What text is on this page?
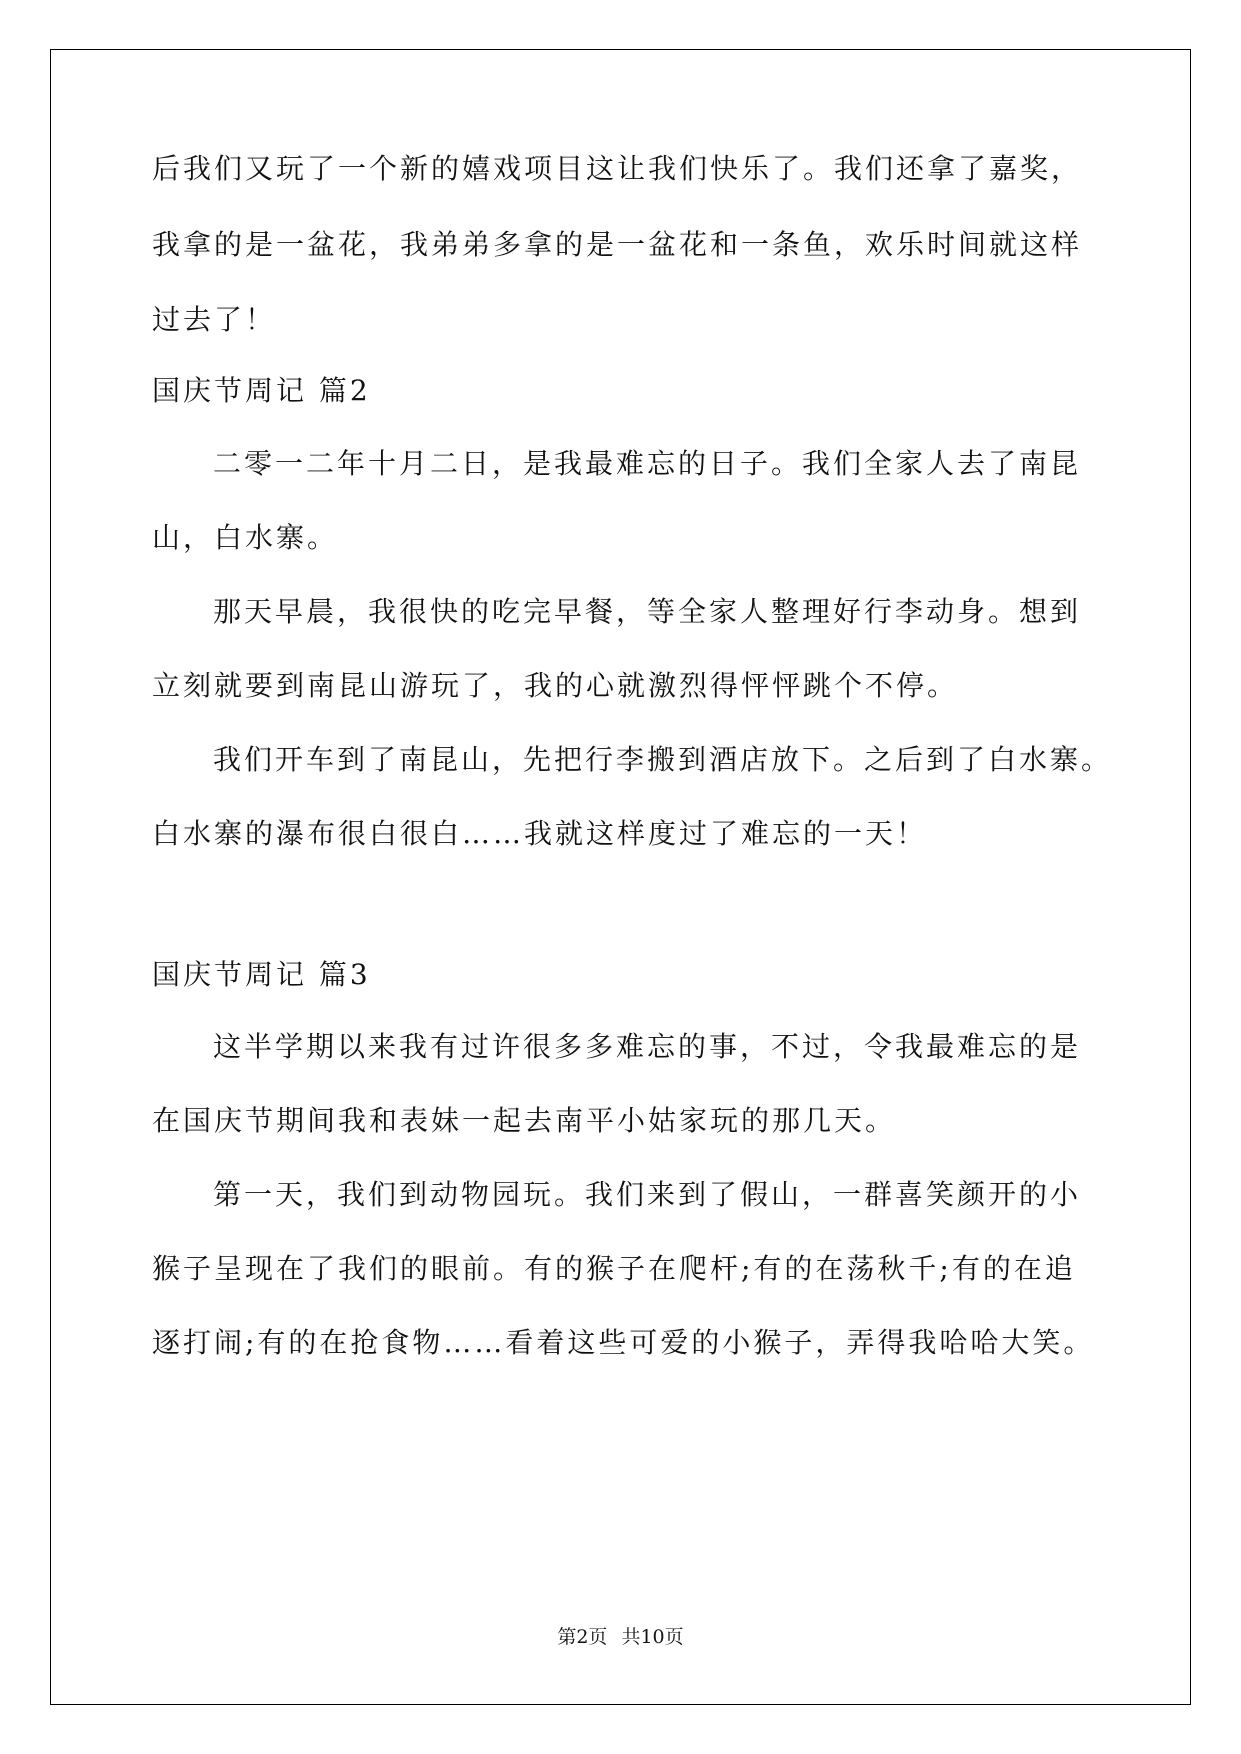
后我们又玩了一个新的嬉戏项目这让我们快乐了。我们还拿了嘉奖，
我拿的是一盆花，我弟弟多拿的是一盆花和一条鱼，欢乐时间就这样
过去了！
国庆节周记 篇2
二零一二年十月二日，是我最难忘的日子。我们全家人去了南昆
山，白水寨。
那天早晨，我很快的吃完早餐，等全家人整理好行李动身。想到
立刻就要到南昆山游玩了，我的心就激烈得怦怦跳个不停。
我们开车到了南昆山，先把行李搬到酒店放下。之后到了白水寨。
白水寨的瀑布很白很白……我就这样度过了难忘的一天！
国庆节周记 篇3
这半学期以来我有过许很多多难忘的事，不过，令我最难忘的是
在国庆节期间我和表妹一起去南平小姑家玩的那几天。
第一天，我们到动物园玩。我们来到了假山，一群喜笑颜开的小
猴子呈现在了我们的眼前。有的猴子在爬杆;有的在荡秋千;有的在追
逐打闹;有的在抢食物……看着这些可爱的小猴子，弄得我哈哈大笑。
第2页 共10页
